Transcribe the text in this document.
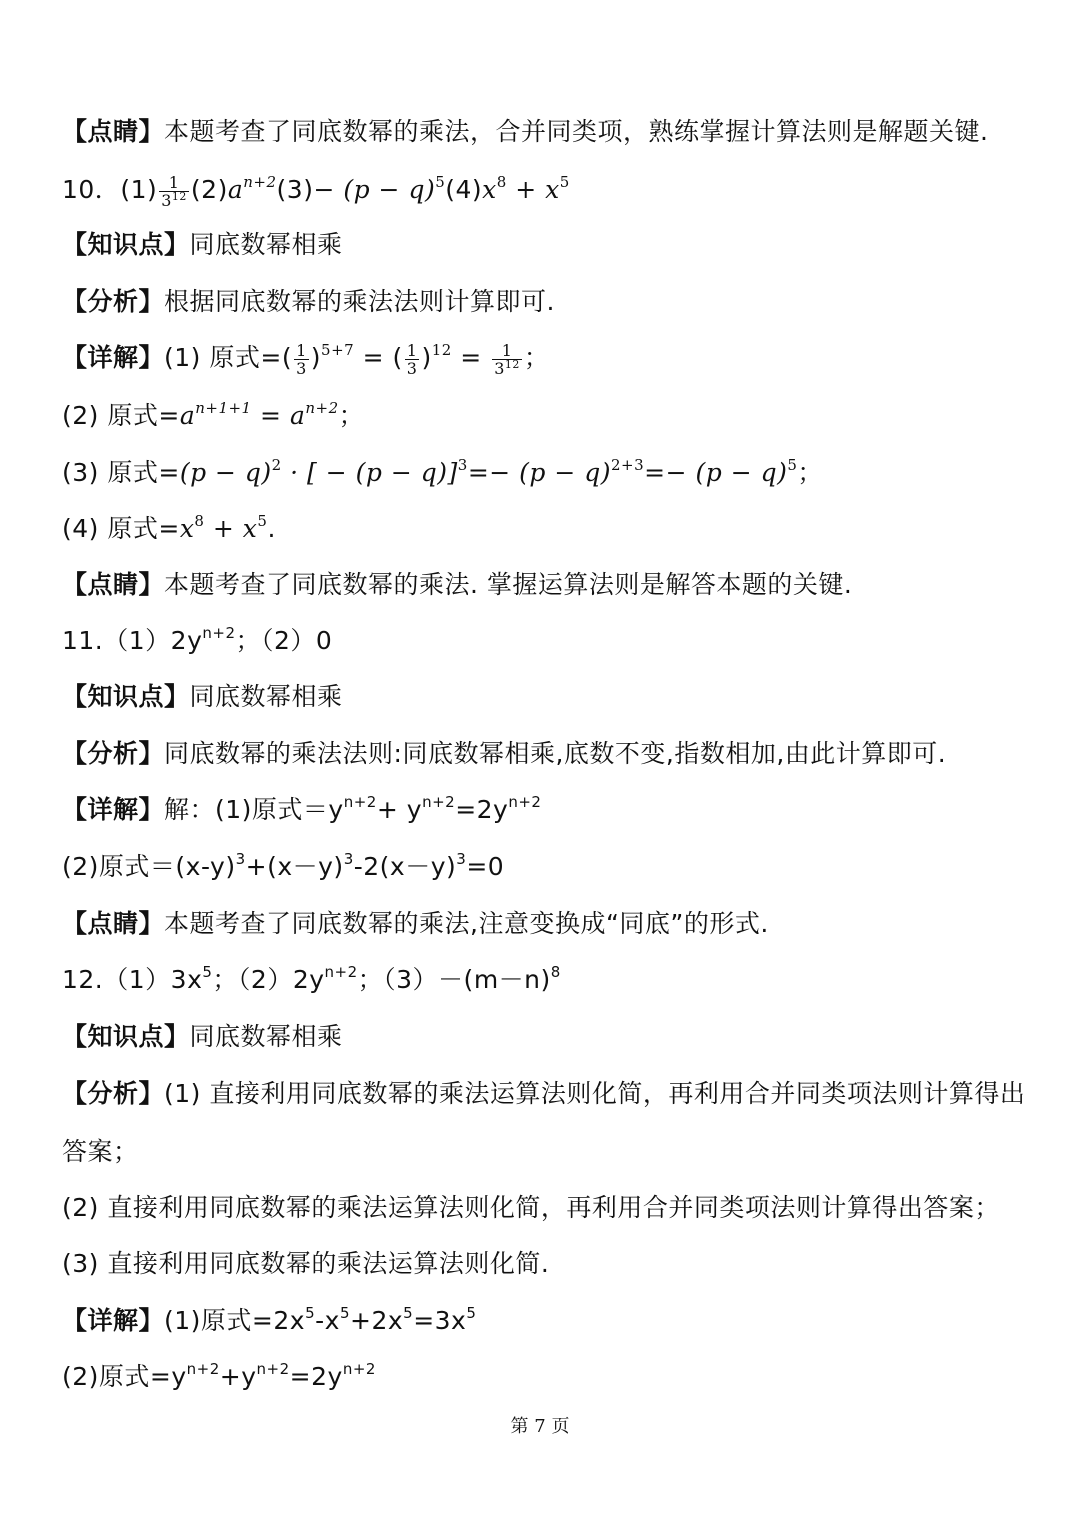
【点睛】本题考查了同底数幂的乘法，合并同类项，熟练掌握计算法则是解题关键.
10．$(1) \frac{1}{3^{12}} (2)a^{n+2}(3)- (p - q)^5(4)x^8 + x^5$
【知识点】同底数幂相乘
【分析】根据同底数幂的乘法法则计算即可.
【详解】(1) 原式=( $\frac{1}{3} )^{5+7}$ = ( $\frac{1}{3} )^{12} = \frac{1}{3^{12}}$ ；
(2) 原式$=a^{n+1+1} = a^{n+2}$；
(3) 原式$=(p - q)^2$ · [ − $(p - q)]^3=- (p - q)^{2+3}=- (p - q)^5$；
(4) 原式$=x^8 + x^5$.
【点睛】本题考查了同底数幂的乘法. 掌握运算法则是解答本题的关键.
$11.(1)2y^{n+2}$；（2）0
【知识点】同底数幂相乘
【分析】同底数幂的乘法法则:同底数幂相乘,底数不变,指数相加,由此计算即可.
【详解】解：(1)原式$=y^{n+2}+ y^{n+2}=2y^{n+2}$
(2)原式$=(x-y)^3+(x-y)^3-2(x-y)^3=0$
【点睛】本题考查了同底数幂的乘法,注意变换成“同底”的形式.
$12.(1)3x^5$；$(2)2y^{n+2}$；$(3)-(m-n)^8$
【知识点】同底数幂相乘
【分析】(1) 直接利用同底数幂的乘法运算法则化简，再利用合并同类项法则计算得出
答案；
(2) 直接利用同底数幂的乘法运算法则化简，再利用合并同类项法则计算得出答案；
(3) 直接利用同底数幂的乘法运算法则化简.
【详解】(1)原式$=2x^5-x^5+2x^5=3x^5$
(2)原式$=y^{n+2}+y^{n+2}=2y^{n+2}$
第 7 页
